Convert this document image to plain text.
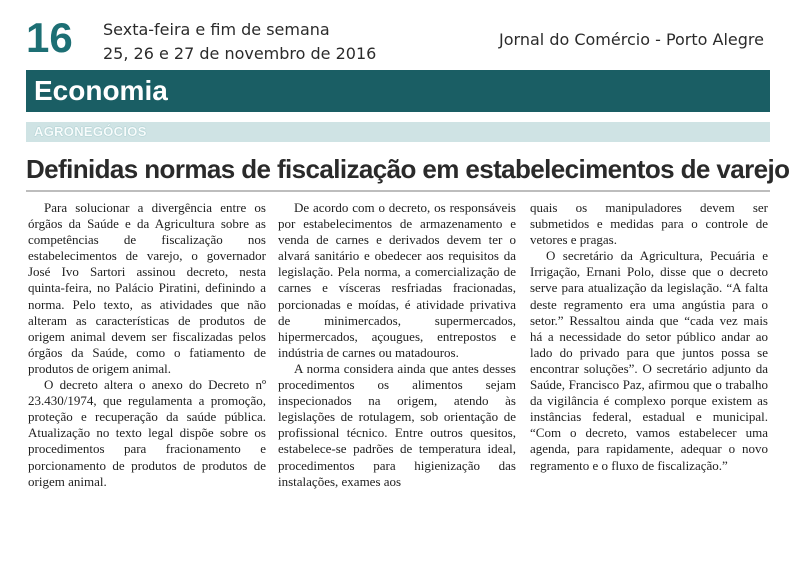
16 Sexta-feira e fim de semana
25, 26 e 27 de novembro de 2016
Jornal do Comércio - Porto Alegre
Economia
AGRONEGÓCIOS
Definidas normas de fiscalização em estabelecimentos de varejo

Para solucionar a divergência entre os órgãos da Saúde e da Agricultura sobre as competências de fiscalização nos estabelecimentos de varejo, o governador José Ivo Sartori assinou decreto, nesta quinta-feira, no Palácio Piratini, definindo a norma. Pelo texto, as atividades que não alteram as características de produtos de origem animal devem ser fiscalizadas pelos órgãos da Saúde, como o fatiamento de produtos de origem animal.

O decreto altera o anexo do Decreto nº 23.430/1974, que regulamenta a promoção, proteção e recuperação da saúde pública. Atualização no texto legal dispõe sobre os procedimentos para fracionamento e porcionamento de produtos de produtos de origem animal.

De acordo com o decreto, os responsáveis por estabelecimentos de armazenamento e venda de carnes e derivados devem ter o alvará sanitário e obedecer aos requisitos da legislação. Pela norma, a comercialização de carnes e vísceras resfriadas fracionadas, porcionadas e moídas, é atividade privativa de minimercados, supermercados, hipermercados, açougues, entrepostos e indústria de carnes ou matadouros.

A norma considera ainda que antes desses procedimentos os alimentos sejam inspecionados na origem, atendo às legislações de rotulagem, sob orientação de profissional técnico. Entre outros quesitos, estabelece-se padrões de temperatura ideal, procedimentos para higienização das instalações, exames aos

quais os manipuladores devem ser submetidos e medidas para o controle de vetores e pragas.

O secretário da Agricultura, Pecuária e Irrigação, Ernani Polo, disse que o decreto serve para atualização da legislação. “A falta deste regramento era uma angústia para o setor.” Ressaltou ainda que “cada vez mais há a necessidade do setor público andar ao lado do privado para que juntos possa se encontrar soluções”. O secretário adjunto da Saúde, Francisco Paz, afirmou que o trabalho da vigilância é complexo porque existem as instâncias federal, estadual e municipal. “Com o decreto, vamos estabelecer uma agenda, para rapidamente, adequar o novo regramento e o fluxo de fiscalização.”
